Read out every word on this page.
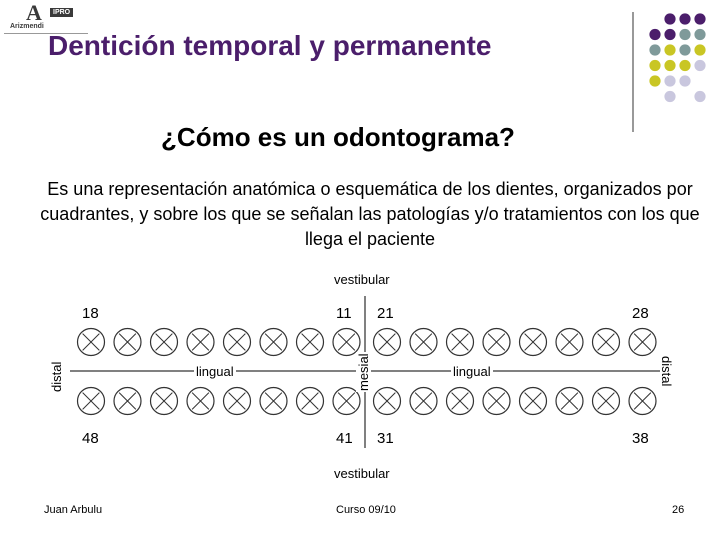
A	IPRO
Arizmendi
Dentición temporal y permanente
¿Cómo es un odontograma?
Es una representación anatómica o esquemática de los dientes, organizados por cuadrantes, y sobre los que se señalan las patologías y/o tratamientos con los que llega el paciente
vestibular
vestibular
18	11 21	28
48	41 31	38
lingual	lingual
distal	distal
mesial
Juan Arbulu	Curso 09/10	26
